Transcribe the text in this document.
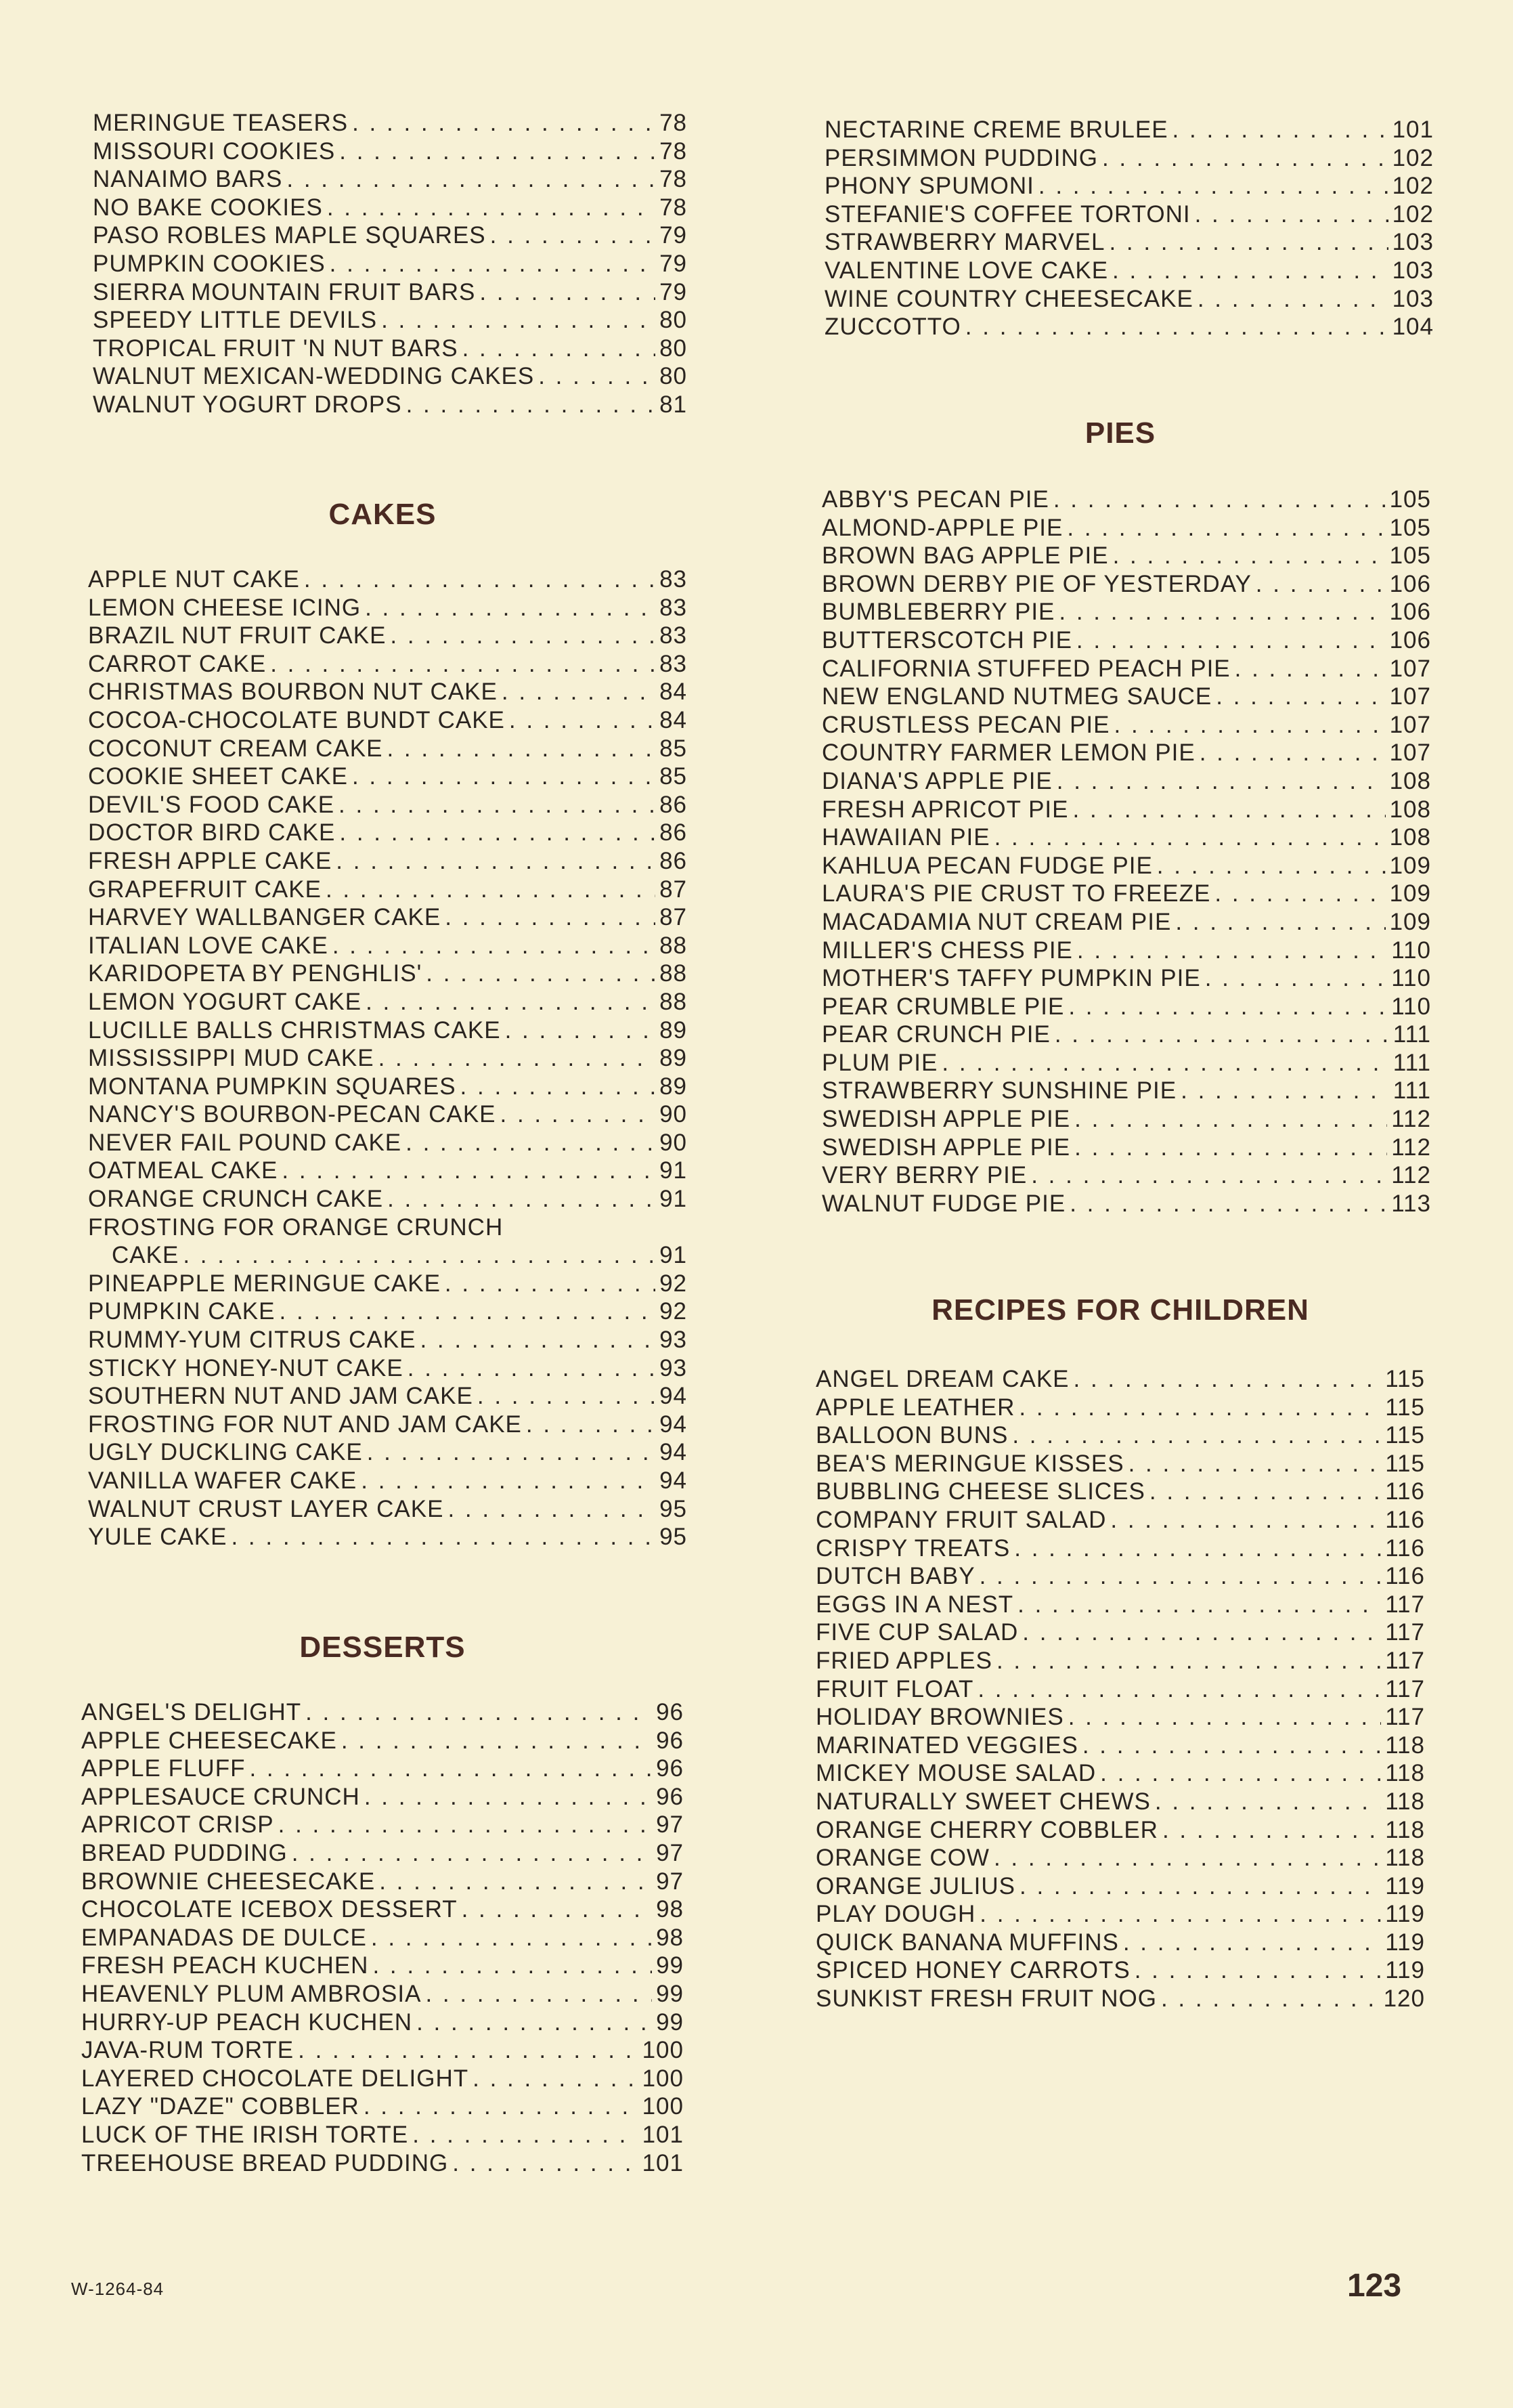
MERINGUE TEASERS . . .	78
MISSOURI COOKIES . . .	78
NANAIMO BARS . . .	78
NO BAKE COOKIES . . .	78
PASO ROBLES MAPLE SQUARES . . .	79
PUMPKIN COOKIES . . .	79
SIERRA MOUNTAIN FRUIT BARS . . .	79
SPEEDY LITTLE DEVILS . . .	80
TROPICAL FRUIT 'N NUT BARS . . .	80
WALNUT MEXICAN-WEDDING CAKES . . .	80
WALNUT YOGURT DROPS . . .	81
CAKES
APPLE NUT CAKE . . .	83
LEMON CHEESE ICING . . .	83
BRAZIL NUT FRUIT CAKE . . .	83
CARROT CAKE . . .	83
CHRISTMAS BOURBON NUT CAKE . . .	84
COCOA-CHOCOLATE BUNDT CAKE . . .	84
COCONUT CREAM CAKE . . .	85
COOKIE SHEET CAKE . . .	85
DEVIL'S FOOD CAKE . . .	86
DOCTOR BIRD CAKE . . .	86
FRESH APPLE CAKE . . .	86
GRAPEFRUIT CAKE . . .	87
HARVEY WALLBANGER CAKE . . .	87
ITALIAN LOVE CAKE . . .	88
KARIDOPETA BY PENGHLIS' . . .	88
LEMON YOGURT CAKE . . .	88
LUCILLE BALLS CHRISTMAS CAKE . . .	89
MISSISSIPPI MUD CAKE . . .	89
MONTANA PUMPKIN SQUARES . . .	89
NANCY'S BOURBON-PECAN CAKE . . .	90
NEVER FAIL POUND CAKE . . .	90
OATMEAL CAKE . . .	91
ORANGE CRUNCH CAKE . . .	91
FROSTING FOR ORANGE CRUNCH
CAKE . . .	91
PINEAPPLE MERINGUE CAKE . . .	92
PUMPKIN CAKE . . .	92
RUMMY-YUM CITRUS CAKE . . .	93
STICKY HONEY-NUT CAKE . . .	93
SOUTHERN NUT AND JAM CAKE . . .	94
FROSTING FOR NUT AND JAM CAKE . . .	94
UGLY DUCKLING CAKE . . .	94
VANILLA WAFER CAKE . . .	94
WALNUT CRUST LAYER CAKE . . .	95
YULE CAKE . . .	95
DESSERTS
ANGEL'S DELIGHT . . .	96
APPLE CHEESECAKE . . .	96
APPLE FLUFF . . .	96
APPLESAUCE CRUNCH . . .	96
APRICOT CRISP . . .	97
BREAD PUDDING . . .	97
BROWNIE CHEESECAKE . . .	97
CHOCOLATE ICEBOX DESSERT . . .	98
EMPANADAS DE DULCE . . .	98
FRESH PEACH KUCHEN . . .	99
HEAVENLY PLUM AMBROSIA . . .	99
HURRY-UP PEACH KUCHEN . . .	99
JAVA-RUM TORTE . . .	100
LAYERED CHOCOLATE DELIGHT . . .	100
LAZY "DAZE" COBBLER . . .	100
LUCK OF THE IRISH TORTE . . .	101
TREEHOUSE BREAD PUDDING . . .	101
NECTARINE CREME BRULEE . . .	101
PERSIMMON PUDDING . . .	102
PHONY SPUMONI . . .	102
STEFANIE'S COFFEE TORTONI . . .	102
STRAWBERRY MARVEL . . .	103
VALENTINE LOVE CAKE . . .	103
WINE COUNTRY CHEESECAKE . . .	103
ZUCCOTTO . . .	104
PIES
ABBY'S PECAN PIE . . .	105
ALMOND-APPLE PIE . . .	105
BROWN BAG APPLE PIE . . .	105
BROWN DERBY PIE OF YESTERDAY . . .	106
BUMBLEBERRY PIE . . .	106
BUTTERSCOTCH PIE . . .	106
CALIFORNIA STUFFED PEACH PIE . . .	107
NEW ENGLAND NUTMEG SAUCE . . .	107
CRUSTLESS PECAN PIE . . .	107
COUNTRY FARMER LEMON PIE . . .	107
DIANA'S APPLE PIE . . .	108
FRESH APRICOT PIE . . .	108
HAWAIIAN PIE . . .	108
KAHLUA PECAN FUDGE PIE . . .	109
LAURA'S PIE CRUST TO FREEZE . . .	109
MACADAMIA NUT CREAM PIE . . .	109
MILLER'S CHESS PIE . . .	110
MOTHER'S TAFFY PUMPKIN PIE . . .	110
PEAR CRUMBLE PIE . . .	110
PEAR CRUNCH PIE . . .	111
PLUM PIE . . .	111
STRAWBERRY SUNSHINE PIE . . .	111
SWEDISH APPLE PIE . . .	112
SWEDISH APPLE PIE . . .	112
VERY BERRY PIE . . .	112
WALNUT FUDGE PIE . . .	113
RECIPES FOR CHILDREN
ANGEL DREAM CAKE . . .	115
APPLE LEATHER . . .	115
BALLOON BUNS . . .	115
BEA'S MERINGUE KISSES . . .	115
BUBBLING CHEESE SLICES . . .	116
COMPANY FRUIT SALAD . . .	116
CRISPY TREATS . . .	116
DUTCH BABY . . .	116
EGGS IN A NEST . . .	117
FIVE CUP SALAD . . .	117
FRIED APPLES . . .	117
FRUIT FLOAT . . .	117
HOLIDAY BROWNIES . . .	117
MARINATED VEGGIES . . .	118
MICKEY MOUSE SALAD . . .	118
NATURALLY SWEET CHEWS . . .	118
ORANGE CHERRY COBBLER . . .	118
ORANGE COW . . .	118
ORANGE JULIUS . . .	119
PLAY DOUGH . . .	119
QUICK BANANA MUFFINS . . .	119
SPICED HONEY CARROTS . . .	119
SUNKIST FRESH FRUIT NOG . . .	120
W-1264-84	123
